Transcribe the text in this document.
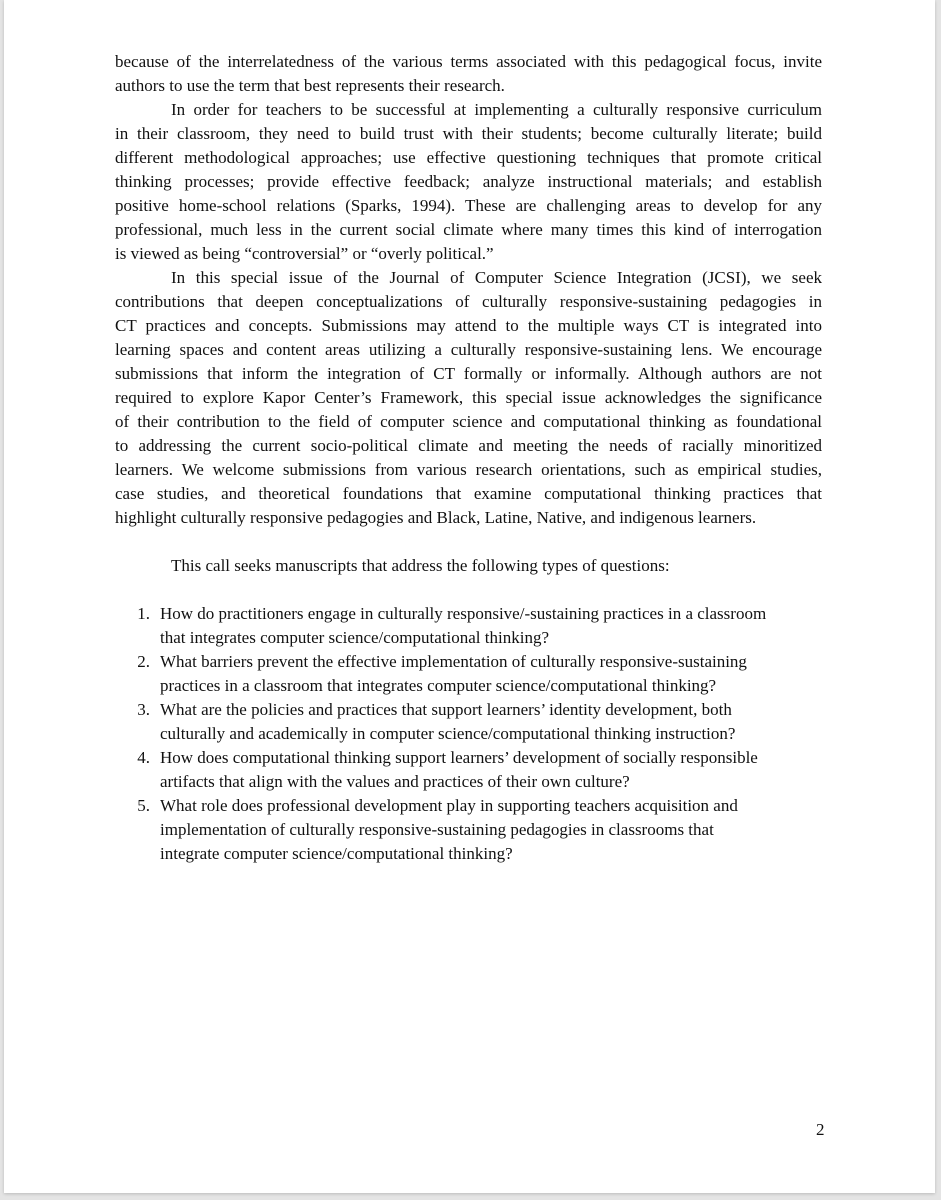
because of the interrelatedness of the various terms associated with this pedagogical focus, invite
authors to use the term that best represents their research.
In order for teachers to be successful at implementing a culturally responsive curriculum
in their classroom, they need to build trust with their students; become culturally literate; build
different methodological approaches; use effective questioning techniques that promote critical
thinking processes; provide effective feedback; analyze instructional materials; and establish
positive home-school relations (Sparks, 1994). These are challenging areas to develop for any
professional, much less in the current social climate where many times this kind of interrogation
is viewed as being “controversial” or “overly political.”
In this special issue of the Journal of Computer Science Integration (JCSI), we seek
contributions that deepen conceptualizations of culturally responsive-sustaining pedagogies in
CT practices and concepts. Submissions may attend to the multiple ways CT is integrated into
learning spaces and content areas utilizing a culturally responsive-sustaining lens. We encourage
submissions that inform the integration of CT formally or informally. Although authors are not
required to explore Kapor Center’s Framework, this special issue acknowledges the significance
of their contribution to the field of computer science and computational thinking as foundational
to addressing the current socio-political climate and meeting the needs of racially minoritized
learners. We welcome submissions from various research orientations, such as empirical studies,
case studies, and theoretical foundations that examine computational thinking practices that
highlight culturally responsive pedagogies and Black, Latine, Native, and indigenous learners.
This call seeks manuscripts that address the following types of questions:
1. How do practitioners engage in culturally responsive/-sustaining practices in a classroom
that integrates computer science/computational thinking?
2. What barriers prevent the effective implementation of culturally responsive-sustaining
practices in a classroom that integrates computer science/computational thinking?
3. What are the policies and practices that support learners’ identity development, both
culturally and academically in computer science/computational thinking instruction?
4. How does computational thinking support learners’ development of socially responsible
artifacts that align with the values and practices of their own culture?
5. What role does professional development play in supporting teachers acquisition and
implementation of culturally responsive-sustaining pedagogies in classrooms that
integrate computer science/computational thinking?
2
